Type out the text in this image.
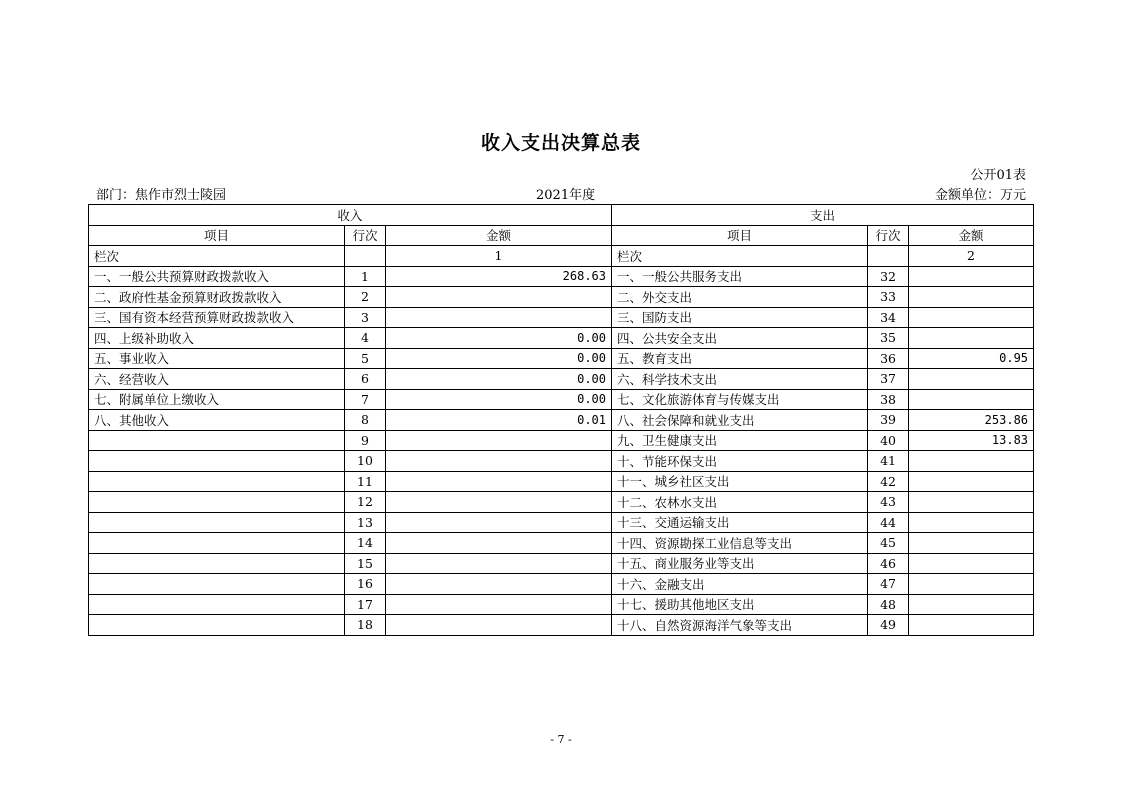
收入支出决算总表
公开01表
部门：焦作市烈士陵园	2021年度	金额单位：万元
收入			支出		
项目	行次	金额	项目	行次	金额
栏次		1	栏次		2
一、一般公共预算财政拨款收入	1	268.63	一、一般公共服务支出	32	
二、政府性基金预算财政拨款收入	2		二、外交支出	33	
三、国有资本经营预算财政拨款收入	3		三、国防支出	34	
四、上级补助收入	4	0.00	四、公共安全支出	35	
五、事业收入	5	0.00	五、教育支出	36	0.95
六、经营收入	6	0.00	六、科学技术支出	37	
七、附属单位上缴收入	7	0.00	七、文化旅游体育与传媒支出	38	
八、其他收入	8	0.01	八、社会保障和就业支出	39	253.86
	9		九、卫生健康支出	40	13.83
	10		十、节能环保支出	41	
	11		十一、城乡社区支出	42	
	12		十二、农林水支出	43	
	13		十三、交通运输支出	44	
	14		十四、资源勘探工业信息等支出	45	
	15		十五、商业服务业等支出	46	
	16		十六、金融支出	47	
	17		十七、援助其他地区支出	48	
	18		十八、自然资源海洋气象等支出	49	
- 7 -
